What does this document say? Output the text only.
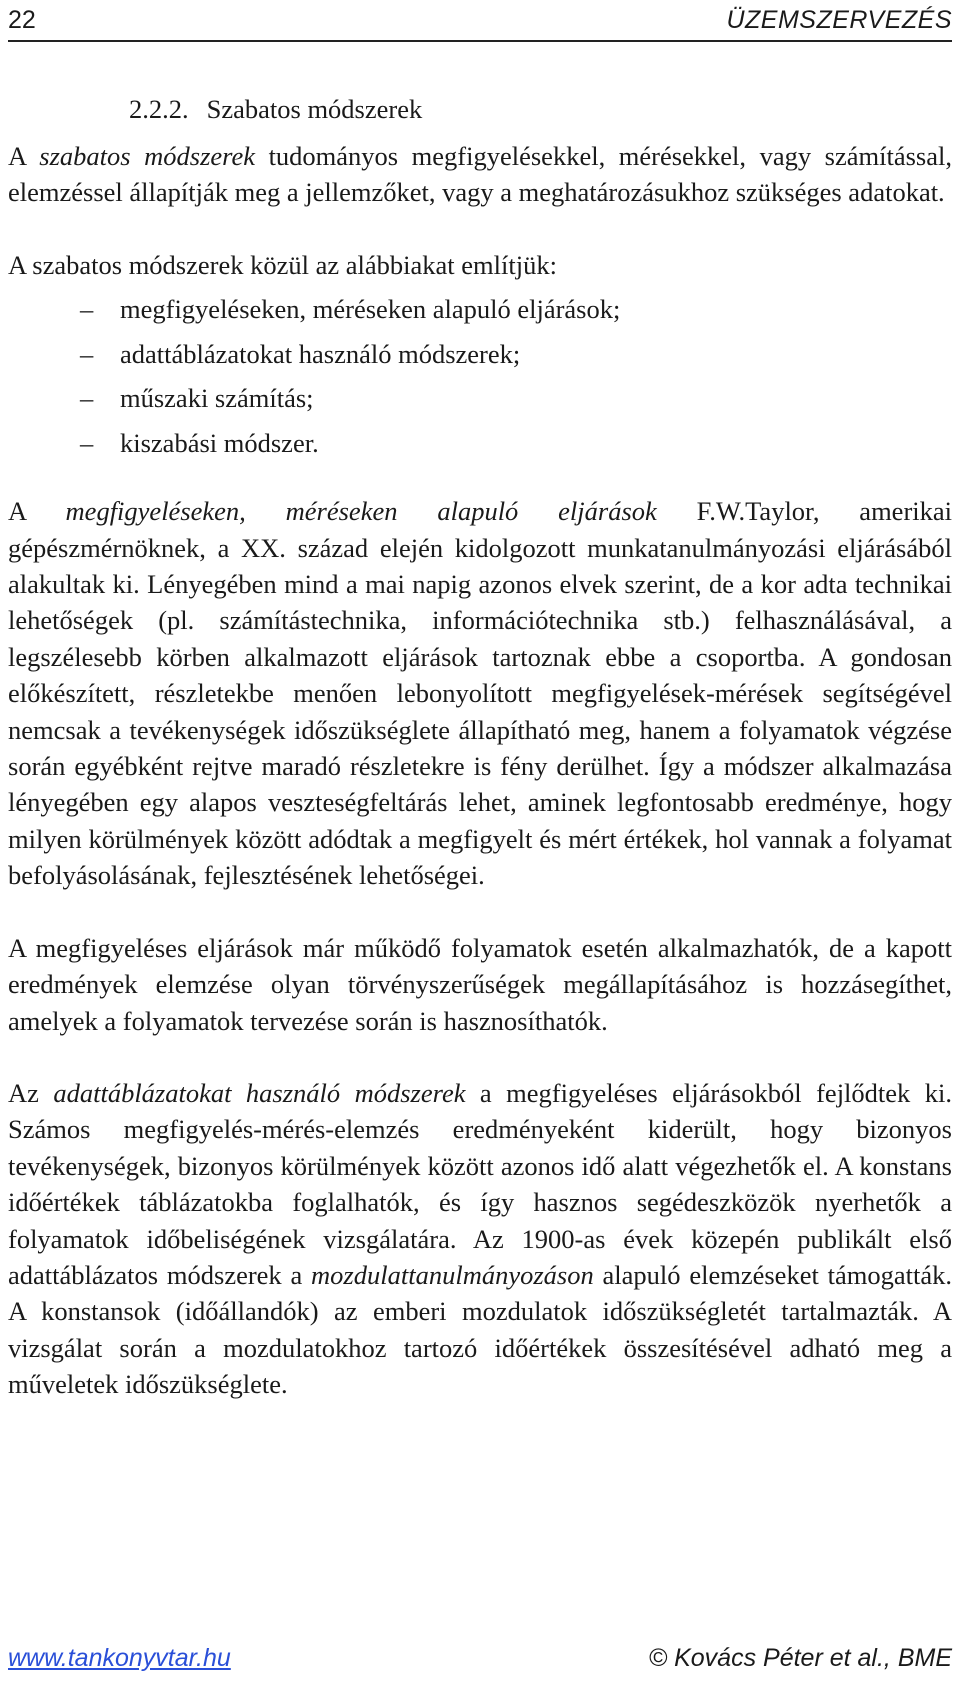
22	ÜZEMSZERVEZÉS
2.2.2. Szabatos módszerek

A szabatos módszerek tudományos megfigyelésekkel, mérésekkel, vagy számítással, elemzéssel állapítják meg a jellemzőket, vagy a meghatározásukhoz szükséges adatokat.

A szabatos módszerek közül az alábbiakat említjük:

– megfigyeléseken, méréseken alapuló eljárások;
– adattáblázatokat használó módszerek;
– műszaki számítás;
– kiszabási módszer.

A megfigyeléseken, méréseken alapuló eljárások F.W.Taylor, amerikai gépészmérnöknek, a XX. század elején kidolgozott munkatanulmányozási eljárásából alakultak ki. Lényegében mind a mai napig azonos elvek szerint, de a kor adta technikai lehetőségek (pl. számítástechnika, információtechnika stb.) felhasználásával, a legszélesebb körben alkalmazott eljárások tartoznak ebbe a csoportba. A gondosan előkészített, részletekbe menően lebonyolított megfigyelések-mérések segítségével nemcsak a tevékenységek időszükséglete állapítható meg, hanem a folyamatok végzése során egyébként rejtve maradó részletekre is fény derülhet. Így a módszer alkalmazása lényegében egy alapos veszteségfeltárás lehet, aminek legfontosabb eredménye, hogy milyen körülmények között adódtak a megfigyelt és mért értékek, hol vannak a folyamat befolyásolásának, fejlesztésének lehetőségei.

A megfigyeléses eljárások már működő folyamatok esetén alkalmazhatók, de a kapott eredmények elemzése olyan törvényszerűségek megállapításához is hozzásegíthet, amelyek a folyamatok tervezése során is hasznosíthatók.

Az adattáblázatokat használó módszerek a megfigyeléses eljárásokból fejlődtek ki. Számos megfigyelés-mérés-elemzés eredményeként kiderült, hogy bizonyos tevékenységek, bizonyos körülmények között azonos idő alatt végezhetők el. A konstans időértékek táblázatokba foglalhatók, és így hasznos segédeszközök nyerhetők a folyamatok időbeliségének vizsgálatára. Az 1900-as évek közepén publikált első adattáblázatos módszerek a mozdulattanulmányozáson alapuló elemzéseket támogatták. A konstansok (időállandók) az emberi mozdulatok időszükségletét tartalmazták. A vizsgálat során a mozdulatokhoz tartozó időértékek összesítésével adható meg a műveletek időszükséglete.

www.tankonyvtar.hu	© Kovács Péter et al., BME
